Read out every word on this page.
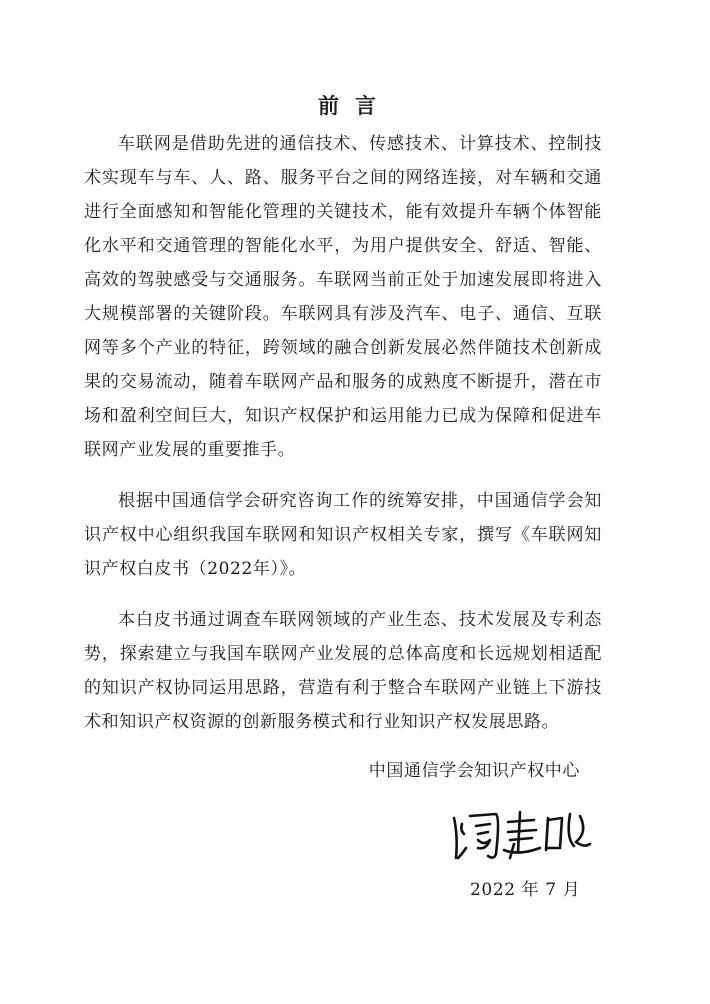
前言

车联网是借助先进的通信技术、传感技术、计算技术、控制技术实现车与车、人、路、服务平台之间的网络连接，对车辆和交通进行全面感知和智能化管理的关键技术，能有效提升车辆个体智能化水平和交通管理的智能化水平，为用户提供安全、舒适、智能、高效的驾驶感受与交通服务。车联网当前正处于加速发展即将进入大规模部署的关键阶段。车联网具有涉及汽车、电子、通信、互联网等多个产业的特征，跨领域的融合创新发展必然伴随技术创新成果的交易流动，随着车联网产品和服务的成熟度不断提升，潜在市场和盈利空间巨大，知识产权保护和运用能力已成为保障和促进车联网产业发展的重要推手。

根据中国通信学会研究咨询工作的统筹安排，中国通信学会知识产权中心组织我国车联网和知识产权相关专家，撰写《车联网知识产权白皮书（2022年）》。

本白皮书通过调查车联网领域的产业生态、技术发展及专利态势，探索建立与我国车联网产业发展的总体高度和长远规划相适配的知识产权协同运用思路，营造有利于整合车联网产业链上下游技术和知识产权资源的创新服务模式和行业知识产权发展思路。

中国通信学会知识产权中心
2022 年 7 月
